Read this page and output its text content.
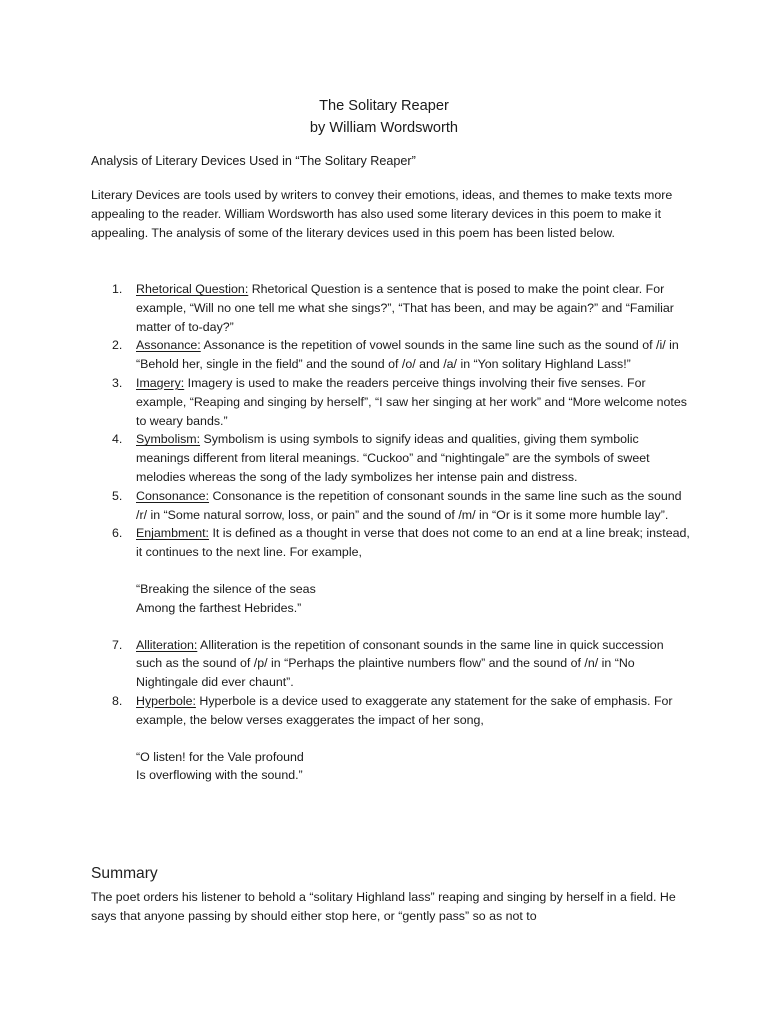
The Solitary Reaper
by William Wordsworth
Analysis of Literary Devices Used in “The Solitary Reaper”
Literary Devices are tools used by writers to convey their emotions, ideas, and themes to make texts more appealing to the reader. William Wordsworth has also used some literary devices in this poem to make it appealing. The analysis of some of the literary devices used in this poem has been listed below.
1. Rhetorical Question: Rhetorical Question is a sentence that is posed to make the point clear. For example, “Will no one tell me what she sings?”, “That has been, and may be again?” and “Familiar matter of to-day?”
2. Assonance: Assonance is the repetition of vowel sounds in the same line such as the sound of /i/ in “Behold her, single in the field” and the sound of /o/ and /a/ in “Yon solitary Highland Lass!”
3. Imagery: Imagery is used to make the readers perceive things involving their five senses. For example, “Reaping and singing by herself”, “I saw her singing at her work” and “More welcome notes to weary bands.”
4. Symbolism: Symbolism is using symbols to signify ideas and qualities, giving them symbolic meanings different from literal meanings. “Cuckoo” and “nightingale” are the symbols of sweet melodies whereas the song of the lady symbolizes her intense pain and distress.
5. Consonance: Consonance is the repetition of consonant sounds in the same line such as the sound /r/ in “Some natural sorrow, loss, or pain” and the sound of /m/ in “Or is it some more humble lay”.
6. Enjambment: It is defined as a thought in verse that does not come to an end at a line break; instead, it continues to the next line. For example,
“Breaking the silence of the seas
Among the farthest Hebrides.”
7. Alliteration: Alliteration is the repetition of consonant sounds in the same line in quick succession such as the sound of /p/ in “Perhaps the plaintive numbers flow” and the sound of /n/ in “No Nightingale did ever chaunt”.
8. Hyperbole: Hyperbole is a device used to exaggerate any statement for the sake of emphasis. For example, the below verses exaggerates the impact of her song,
“O listen! for the Vale profound
Is overflowing with the sound.”
Summary
The poet orders his listener to behold a “solitary Highland lass” reaping and singing by herself in a field. He says that anyone passing by should either stop here, or “gently pass” so as not to
